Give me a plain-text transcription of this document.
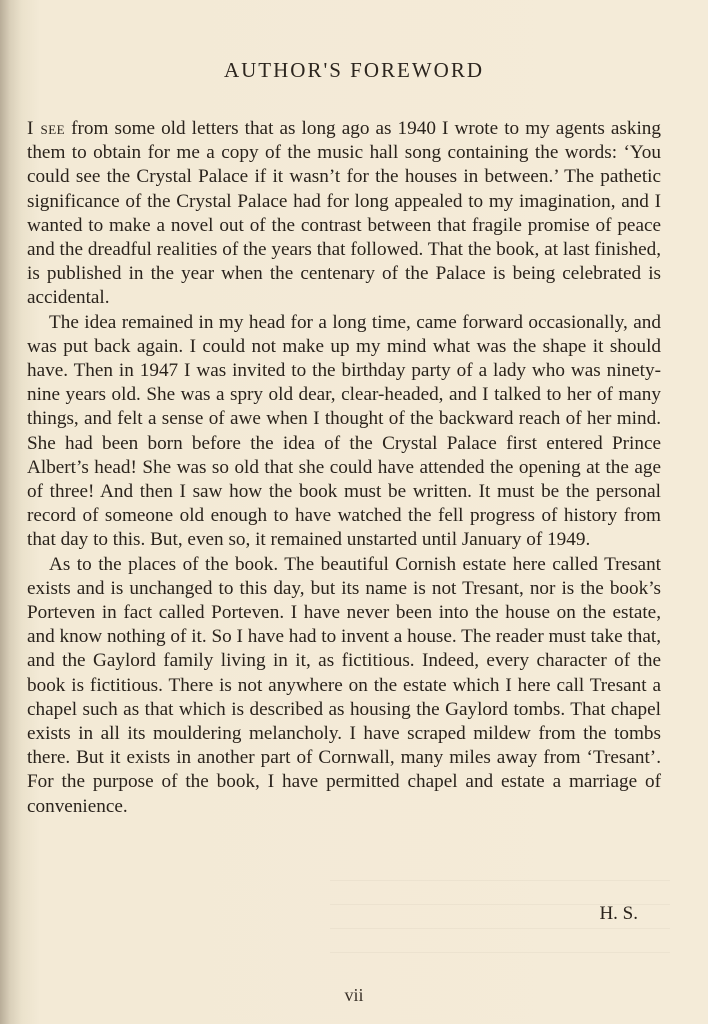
AUTHOR'S FOREWORD

I see from some old letters that as long ago as 1940 I wrote to my agents asking them to obtain for me a copy of the music hall song containing the words: ‘You could see the Crystal Palace if it wasn’t for the houses in between.’ The pathetic significance of the Crystal Palace had for long appealed to my imagination, and I wanted to make a novel out of the contrast between that fragile promise of peace and the dreadful realities of the years that followed. That the book, at last finished, is published in the year when the centenary of the Palace is being celebrated is accidental.

The idea remained in my head for a long time, came forward occasionally, and was put back again. I could not make up my mind what was the shape it should have. Then in 1947 I was invited to the birthday party of a lady who was ninety-nine years old. She was a spry old dear, clear-headed, and I talked to her of many things, and felt a sense of awe when I thought of the backward reach of her mind. She had been born before the idea of the Crystal Palace first entered Prince Albert’s head! She was so old that she could have attended the opening at the age of three! And then I saw how the book must be written. It must be the personal record of someone old enough to have watched the fell progress of history from that day to this. But, even so, it remained unstarted until January of 1949.

As to the places of the book. The beautiful Cornish estate here called Tresant exists and is unchanged to this day, but its name is not Tresant, nor is the book’s Porteven in fact called Porteven. I have never been into the house on the estate, and know nothing of it. So I have had to invent a house. The reader must take that, and the Gaylord family living in it, as fictitious. Indeed, every character of the book is fictitious. There is not anywhere on the estate which I here call Tresant a chapel such as that which is described as housing the Gaylord tombs. That chapel exists in all its mouldering melancholy. I have scraped mildew from the tombs there. But it exists in another part of Cornwall, many miles away from ‘Tresant’. For the purpose of the book, I have permitted chapel and estate a marriage of convenience.

H. S.
vii
